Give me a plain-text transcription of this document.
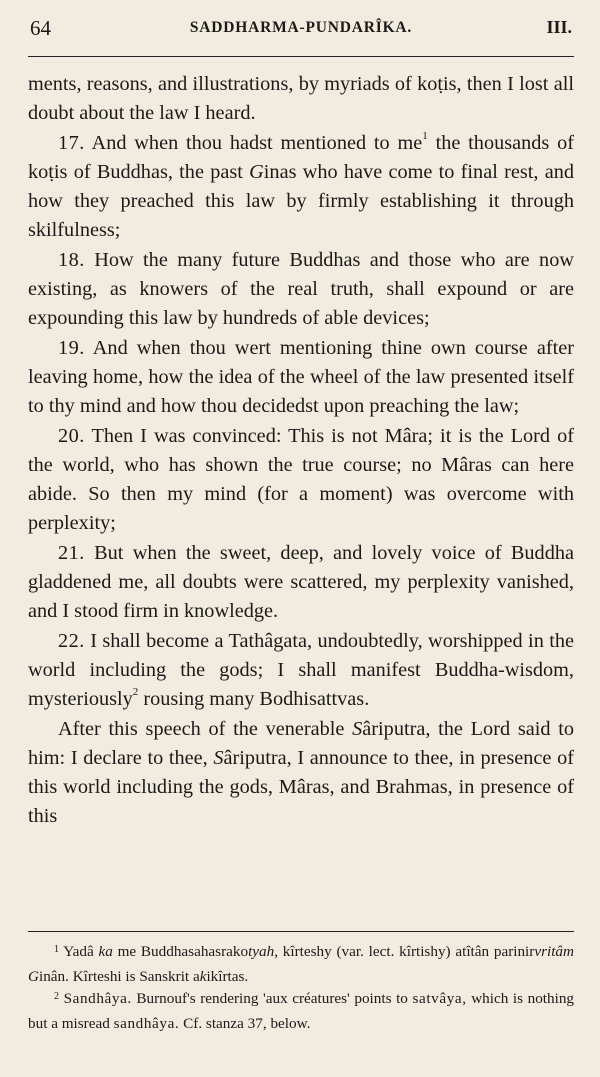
64	SADDHARMA-PUNDARÎKA.	III.

ments, reasons, and illustrations, by myriads of koṭis, then I lost all doubt about the law I heard.

17. And when thou hadst mentioned to $me^1$ the thousands of koṭis of Buddhas, the past Ginas who have come to final rest, and how they preached this law by firmly establishing it through skilfulness;

18. How the many future Buddhas and those who are now existing, as knowers of the real truth, shall expound or are expounding this law by hundreds of able devices;

19. And when thou wert mentioning thine own course after leaving home, how the idea of the wheel of the law presented itself to thy mind and how thou decidedst upon preaching the law;

20. Then I was convinced: This is not Mâra; it is the Lord of the world, who has shown the true course; no Mâras can here abide. So then my mind (for a moment) was overcome with perplexity;

21. But when the sweet, deep, and lovely voice of Buddha gladdened me, all doubts were scattered, my perplexity vanished, and I stood firm in knowledge.

22. I shall become a Tathâgata, undoubtedly, worshipped in the world including the gods; I shall manifest Buddha-wisdom, mysteriously$^2$ rousing many Bodhisattvas.

After this speech of the venerable Sâriputra, the Lord said to him: I declare to thee, Sâriputra, I announce to thee, in presence of this world including the gods, Mâras, and Brahmas, in presence of this

$^1$ Yadâ ka me Buddhasahasrakotyah, kîrteshy (var. lect. kîrtishy) atîtân parinirvritâm Ginân. Kîrteshi is Sanskrit akikîrtas.

$^2$ Sandhâya. Burnouf's rendering 'aux créatures' points to satvâya, which is nothing but a misread sandhâya. Cf. stanza 37, below.
